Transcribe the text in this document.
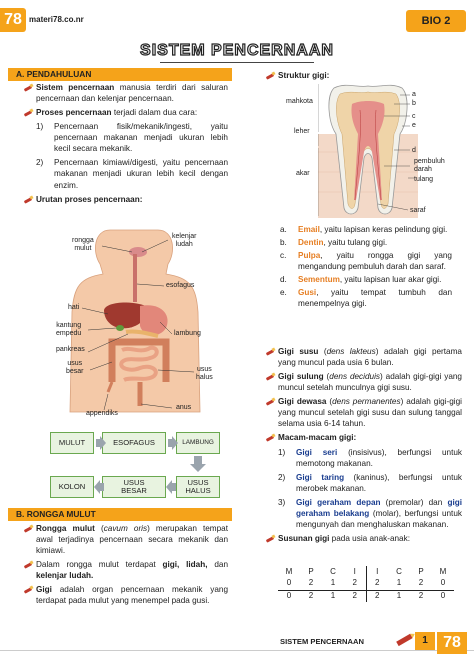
78 materi78.co.nr	BIO 2
SISTEM PENCERNAAN
A. PENDAHULUAN
Sistem pencernaan manusia terdiri dari saluran pencernaan dan kelenjar pencernaan.
Proses pencernaan terjadi dalam dua cara:
1) Pencernaan fisik/mekanik/ingesti, yaitu pencernaan makanan menjadi ukuran lebih kecil secara mekanik.
2) Pencernaan kimiawi/digesti, yaitu pencernaan makanan menjadi ukuran lebih kecil dengan enzim.
Urutan proses pencernaan:
rongga
mulut
kelenjar
ludah
esofagus
hati
kantung
empedu	lambung
pankreas
usus
besar	usus
halus
anus
appendiks
MULUT	ESOFAGUS	LAMBUNG
KOLON	USUS
BESAR
USUS
HALUS
B. RONGGA MULUT
Rongga mulut (cavum oris) merupakan tempat awal terjadinya pencernaan secara mekanik dan kimiawi.
Dalam rongga mulut terdapat gigi, lidah, dan kelenjar ludah.
Gigi adalah organ pencernaan mekanik yang terdapat pada mulut yang menempel pada gusi.
Struktur gigi:
mahkota
leher
akar
a
b
c
e
d
pembuluh
darah
tulang
saraf
a. Email, yaitu lapisan keras pelindung gigi.
b. Dentin, yaitu tulang gigi.
c. Pulpa, yaitu rongga gigi yang mengandung pembuluh darah dan saraf.
d. Sementum, yaitu lapisan luar akar gigi.
e. Gusi, yaitu tempat tumbuh dan menempelnya gigi.
Gigi susu (dens lakteus) adalah gigi pertama yang muncul pada usia 6 bulan.
Gigi sulung (dens deciduis) adalah gigi-gigi yang muncul setelah munculnya gigi susu.
Gigi dewasa (dens permanentes) adalah gigi-gigi yang muncul setelah gigi susu dan sulung tanggal selama usia 6-14 tahun.
Macam-macam gigi:
1) Gigi seri (insisivus), berfungsi untuk memotong makanan.
2) Gigi taring (kaninus), berfungsi untuk merobek makanan.
3) Gigi geraham depan (premolar) dan gigi geraham belakang (molar), berfungsi untuk mengunyah dan menghaluskan makanan.
Susunan gigi pada usia anak-anak:
M	P	C	I	I	C	P	M
0	2	1	2	2	1	2	0
0	2	1	2	2	1	2	0
SISTEM PENCERNAAN	1 78
